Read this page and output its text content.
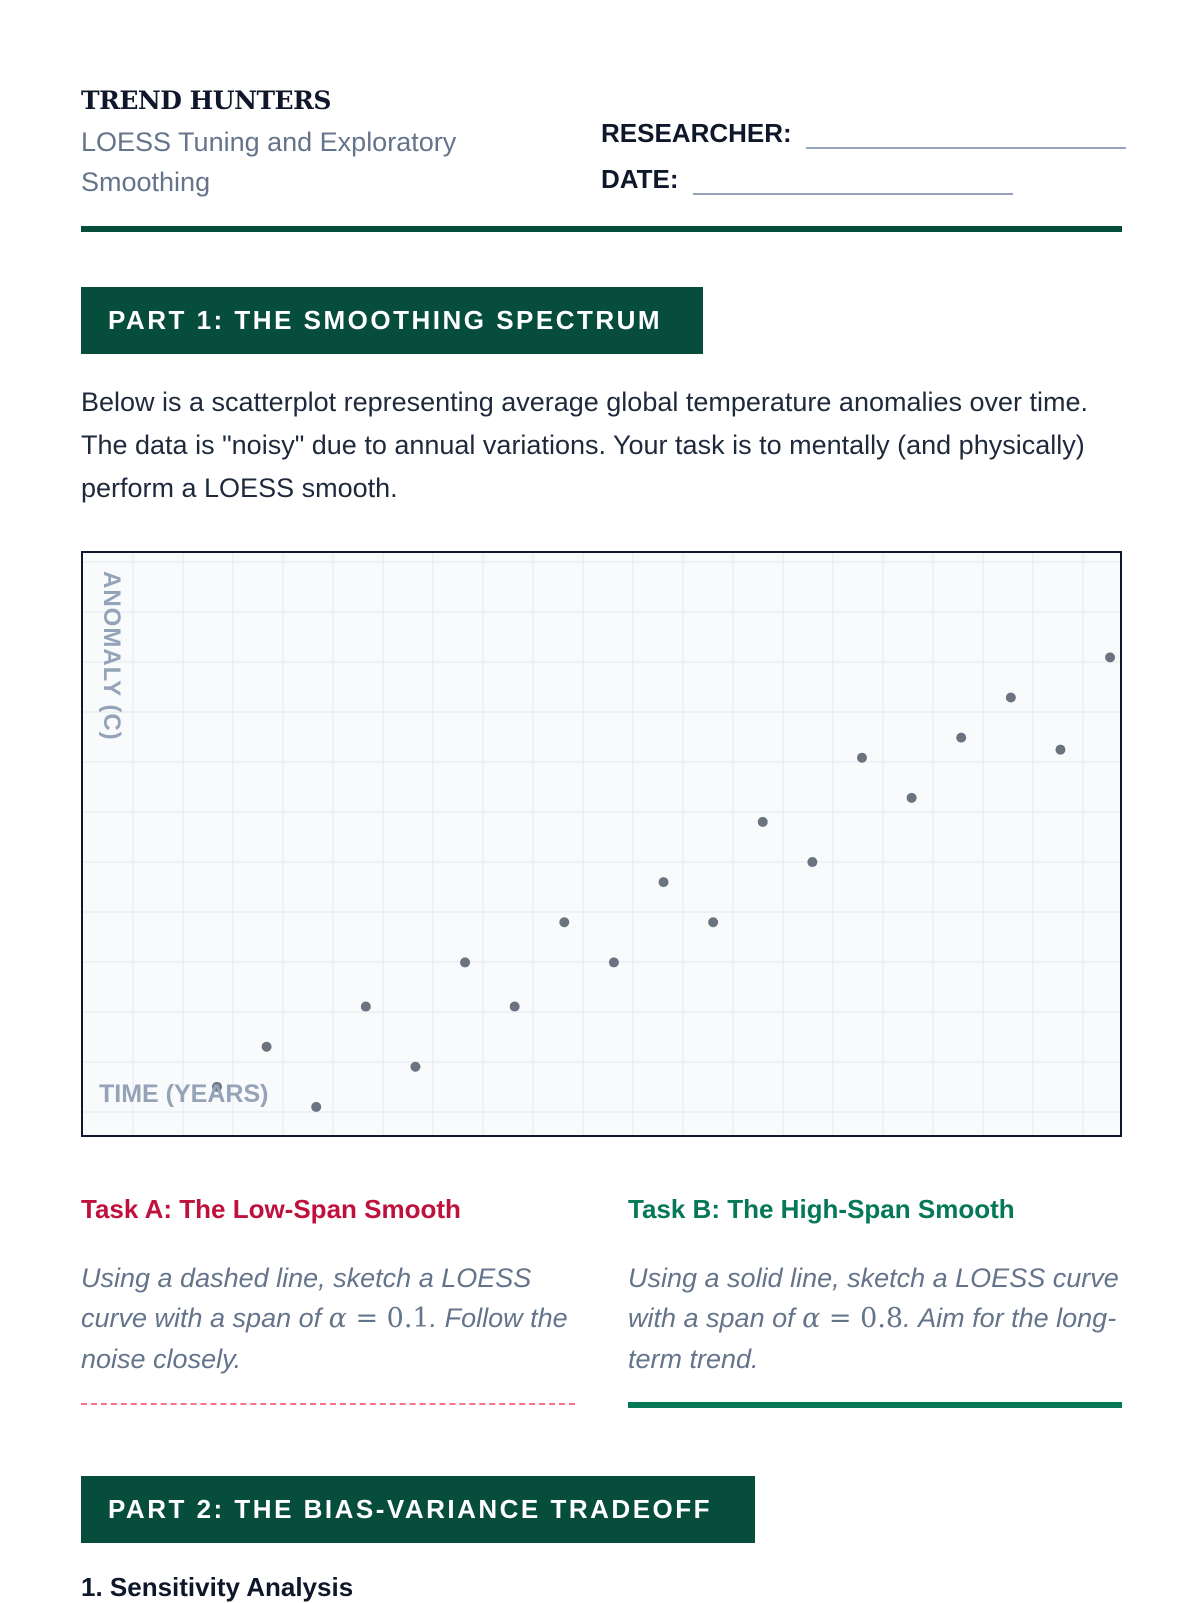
TREND HUNTERS
LOESS Tuning and Exploratory Smoothing
RESEARCHER:
DATE:
PART 1: THE SMOOTHING SPECTRUM
Below is a scatterplot representing average global temperature anomalies over time. The data is "noisy" due to annual variations. Your task is to mentally (and physically) perform a LOESS smooth.
ANOMALY (C)
TIME (YEARS)
Task A: The Low-Span Smooth
Using a dashed line, sketch a LOESS curve with a span of α = 0.1. Follow the noise closely.
Task B: The High-Span Smooth
Using a solid line, sketch a LOESS curve with a span of α = 0.8. Aim for the long-term trend.
PART 2: THE BIAS-VARIANCE TRADEOFF
1. Sensitivity Analysis
